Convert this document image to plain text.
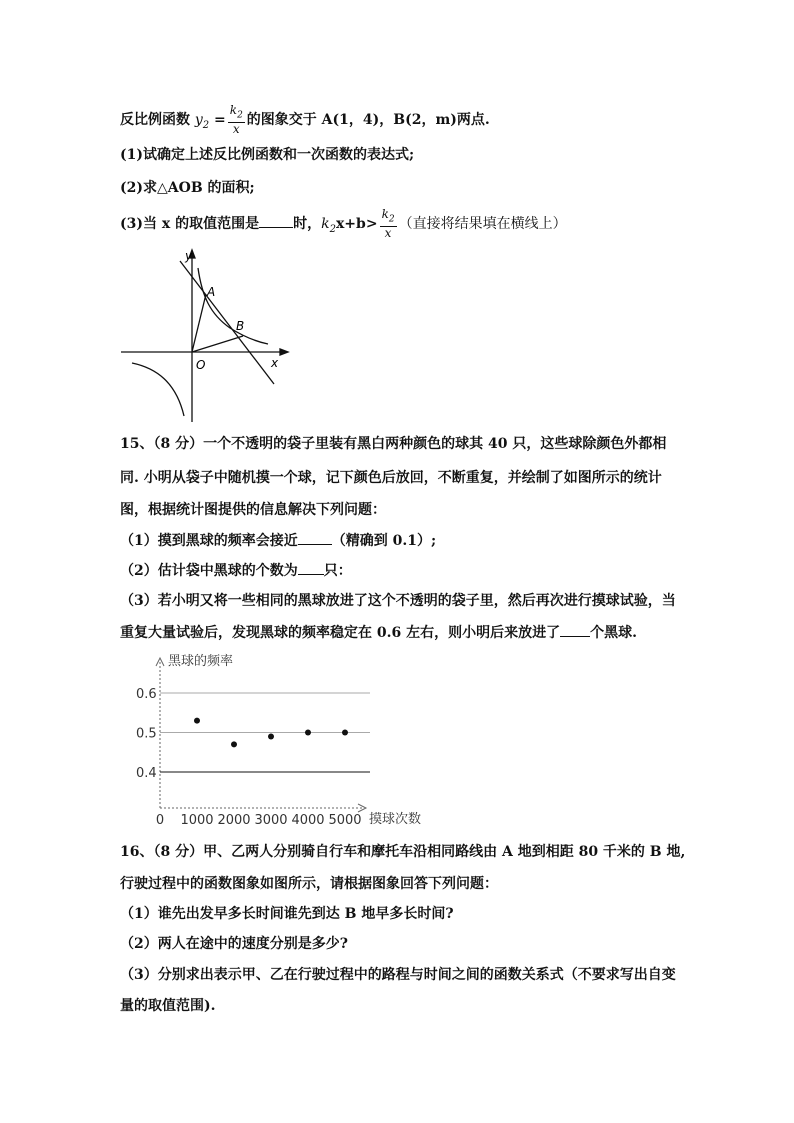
反比例函数 $y_2 = \frac{k_2}{x}$ 的图象交于 A(1，4)，B(2，m)两点.
(1)试确定上述反比例函数和一次函数的表达式;
(2)求△AOB 的面积;
(3)当 x 的取值范围是 时，$k_2x+b> \frac{k_2}{x}$ （直接将结果填在横线上）
y
x
O
A
B
15、（8 分）一个不透明的袋子里装有黑白两种颜色的球其 40 只，这些球除颜色外都相
同. 小明从袋子中随机摸一个球，记下颜色后放回，不断重复，并绘制了如图所示的统计
图，根据统计图提供的信息解决下列问题：
（1）摸到黑球的频率会接近 （精确到 0.1）;
（2）估计袋中黑球的个数为 只：
（3）若小明又将一些相同的黑球放进了这个不透明的袋子里，然后再次进行摸球试验，当
重复大量试验后，发现黑球的频率稳定在 0.6 左右，则小明后来放进了 个黑球.
黑球的频率
摸球次数
0.4
0.5
0.6
0 1000 2000 3000 4000 5000
16、（8 分）甲、乙两人分别骑自行车和摩托车沿相同路线由 A 地到相距 80 千米的 B 地,
行驶过程中的函数图象如图所示，请根据图象回答下列问题：
（1）谁先出发早多长时间谁先到达 B 地早多长时间?
（2）两人在途中的速度分别是多少?
（3）分别求出表示甲、乙在行驶过程中的路程与时间之间的函数关系式（不要求写出自变
量的取值范围).
